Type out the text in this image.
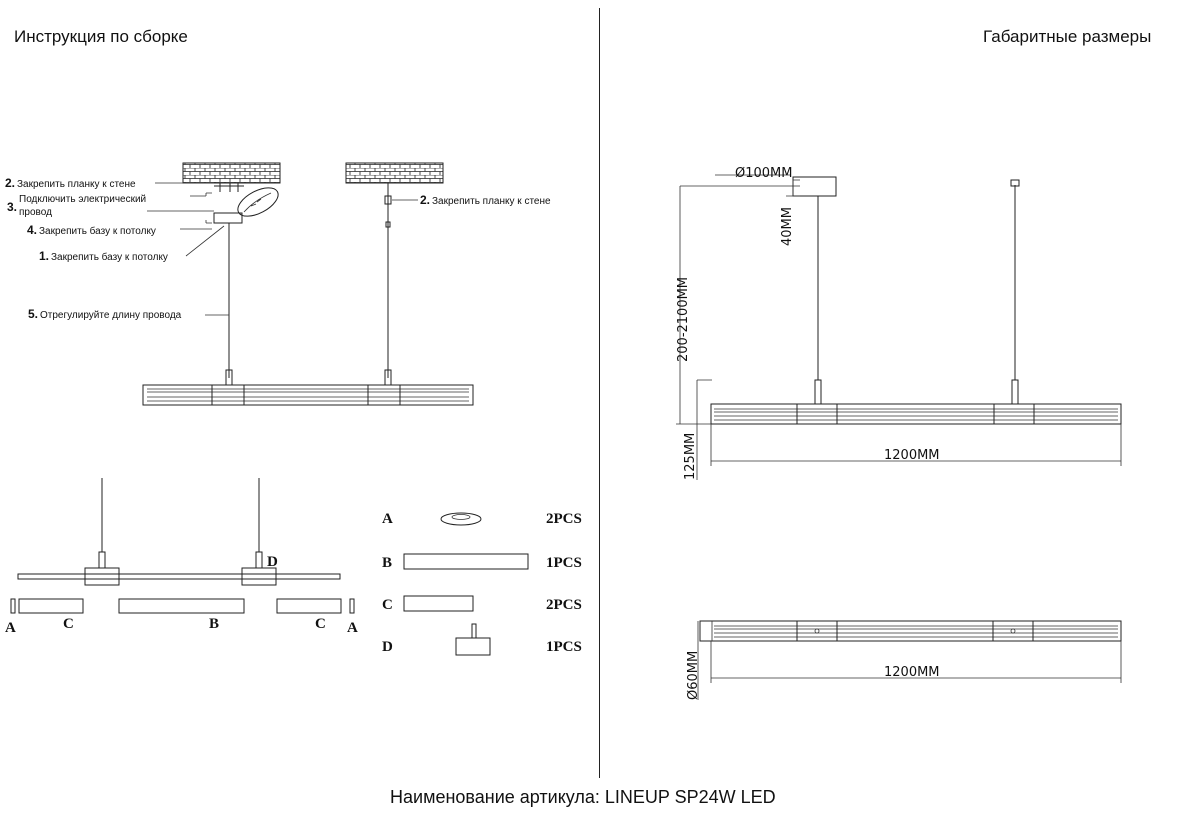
Инструкция по сборке	Габаритные размеры
Наименование артикула: LINEUP SP24W LED
2. Закрепить планку к стене
Подключить электрический
3. провод
4. Закрепить базу к потолку
1. Закрепить базу к потолку
5. Отрегулируйте длину провода
2. Закрепить планку к стене
D
A	C	B	C A
A	2PCS
B	1PCS
C	2PCS
D	1PCS
Ø100MM
40MM
200-2100MM
125MM	1200MM
1200MM
Ø60MM
